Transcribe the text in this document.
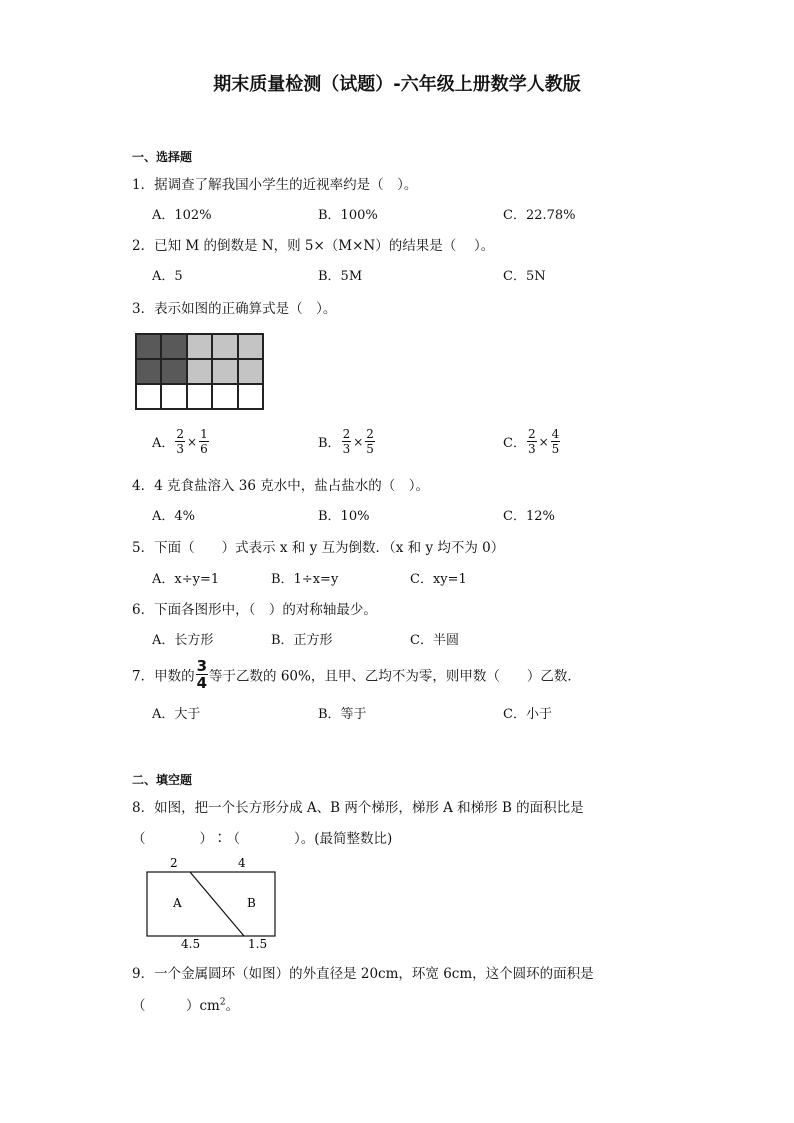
期末质量检测（试题）-六年级上册数学人教版
一、选择题
1．据调查了解我国小学生的近视率约是（　）。
A．102%	B．100%	C．22.78%
2．已知 M 的倒数是 N，则 5×（M×N）的结果是（　 ）。
A．5	B．5M	C．5N
3．表示如图的正确算式是（　）。
A． $\frac{2}{3} \times \frac{1}{6}$	B． $\frac{2}{3} \times \frac{2}{5}$	C． $\frac{2}{3} \times \frac{4}{5}$
4．4 克食盐溶入 36 克水中，盐占盐水的（　）。
A．4%	B．10%	C．12%
5．下面（　　）式表示 x 和 y 互为倒数．（x 和 y 均不为 0）
A．x÷y=1	B．1÷x=y	C．xy=1
6．下面各图形中，（　）的对称轴最少。
A．长方形	B．正方形	C．半圆
7．甲数的 $\frac{3}{4}$ 等于乙数的 60%，且甲、乙均不为零，则甲数（　　）乙数．
A．大于	B．等于	C．小于
二、填空题
8．如图，把一个长方形分成 A、B 两个梯形，梯形 A 和梯形 B 的面积比是
（　　　　）∶（　　　　）。(最简整数比)
2	4
A	B
4.5	1.5
9．一个金属圆环（如图）的外直径是 20cm，环宽 6cm，这个圆环的面积是
（　　　）$cm^2$。
